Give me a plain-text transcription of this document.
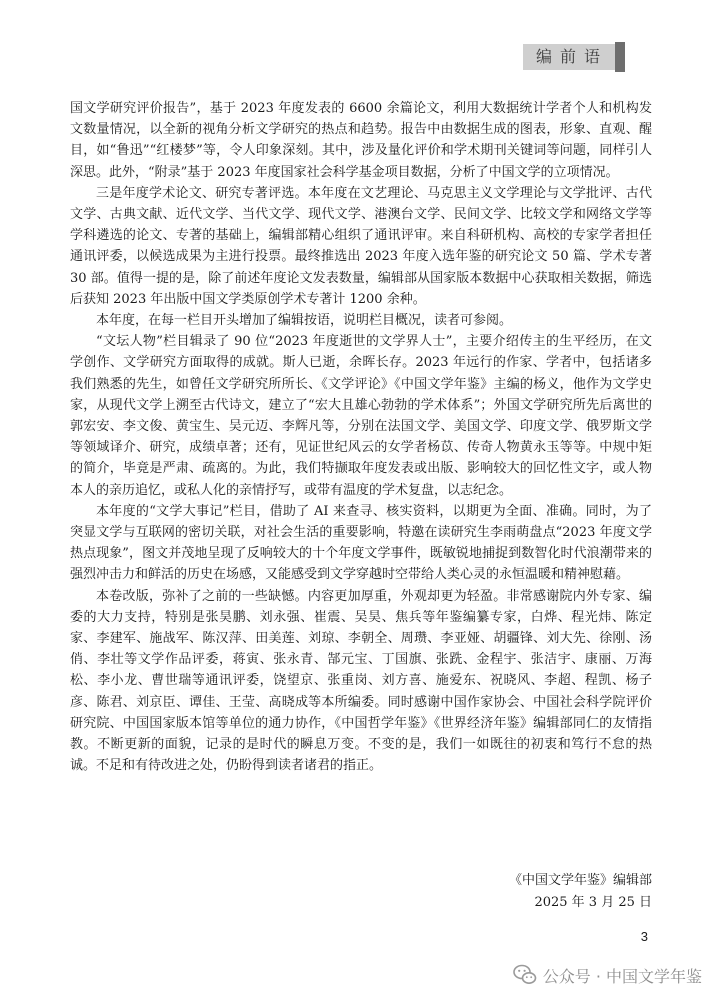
编前语

国文学研究评价报告”，基于 2023 年度发表的 6600 余篇论文，利用大数据统计学者个人和机构发文数量情况，以全新的视角分析文学研究的热点和趋势。报告中由数据生成的图表，形象、直观、醒目，如“鲁迅”“红楼梦”等，令人印象深刻。其中，涉及量化评价和学术期刊关键词等问题，同样引人深思。此外，“附录”基于 2023 年度国家社会科学基金项目数据，分析了中国文学的立项情况。

三是年度学术论文、研究专著评选。本年度在文艺理论、马克思主义文学理论与文学批评、古代文学、古典文献、近代文学、当代文学、现代文学、港澳台文学、民间文学、比较文学和网络文学等学科遴选的论文、专著的基础上，编辑部精心组织了通讯评审。来自科研机构、高校的专家学者担任通讯评委，以候选成果为主进行投票。最终推选出 2023 年度入选年鉴的研究论文 50 篇、学术专著 30 部。值得一提的是，除了前述年度论文发表数量，编辑部从国家版本数据中心获取相关数据，筛选后获知 2023 年出版中国文学类原创学术专著计 1200 余种。

本年度，在每一栏目开头增加了编辑按语，说明栏目概况，读者可参阅。

“文坛人物”栏目辑录了 90 位“2023 年度逝世的文学界人士”，主要介绍传主的生平经历，在文学创作、文学研究方面取得的成就。斯人已逝，余晖长存。2023 年远行的作家、学者中，包括诸多我们熟悉的先生，如曾任文学研究所所长、《文学评论》《中国文学年鉴》主编的杨义，他作为文学史家，从现代文学上溯至古代诗文，建立了“宏大且雄心勃勃的学术体系”；外国文学研究所先后离世的郭宏安、李文俊、黄宝生、吴元迈、李辉凡等，分别在法国文学、美国文学、印度文学、俄罗斯文学等领域译介、研究，成绩卓著；还有，见证世纪风云的女学者杨苡、传奇人物黄永玉等等。中规中矩的简介，毕竟是严肃、疏离的。为此，我们特撷取年度发表或出版、影响较大的回忆性文字，或人物本人的亲历追忆，或私人化的亲情抒写，或带有温度的学术复盘，以志纪念。

本年度的“文学大事记”栏目，借助了 AI 来查寻、核实资料，以期更为全面、准确。同时，为了突显文学与互联网的密切关联，对社会生活的重要影响，特邀在读研究生李雨萌盘点“2023 年度文学热点现象”，图文并茂地呈现了反响较大的十个年度文学事件，既敏锐地捕捉到数智化时代浪潮带来的强烈冲击力和鲜活的历史在场感，又能感受到文学穿越时空带给人类心灵的永恒温暖和精神慰藉。

本卷改版，弥补了之前的一些缺憾。内容更加厚重，外观却更为轻盈。非常感谢院内外专家、编委的大力支持，特别是张昊鹏、刘永强、崔震、吴昊、焦兵等年鉴编纂专家，白烨、程光炜、陈定家、李建军、施战军、陈汉萍、田美莲、刘琼、李朝全、周瓒、李亚娅、胡疆锋、刘大先、徐刚、汤俏、李壮等文学作品评委，蒋寅、张永青、郜元宝、丁国旗、张跣、金程宇、张洁宇、康丽、万海松、李小龙、曹世瑞等通讯评委，饶望京、张重岗、刘方喜、施爱东、祝晓风、李超、程凯、杨子彦、陈君、刘京臣、谭佳、王莹、高晓成等本所编委。同时感谢中国作家协会、中国社会科学院评价研究院、中国国家版本馆等单位的通力协作，《中国哲学年鉴》《世界经济年鉴》编辑部同仁的友情指教。不断更新的面貌，记录的是时代的瞬息万变。不变的是，我们一如既往的初衷和笃行不怠的热诚。不足和有待改进之处，仍盼得到读者诸君的指正。

《中国文学年鉴》编辑部
2025 年 3 月 25 日
3
公众号 · 中国文学年鉴
